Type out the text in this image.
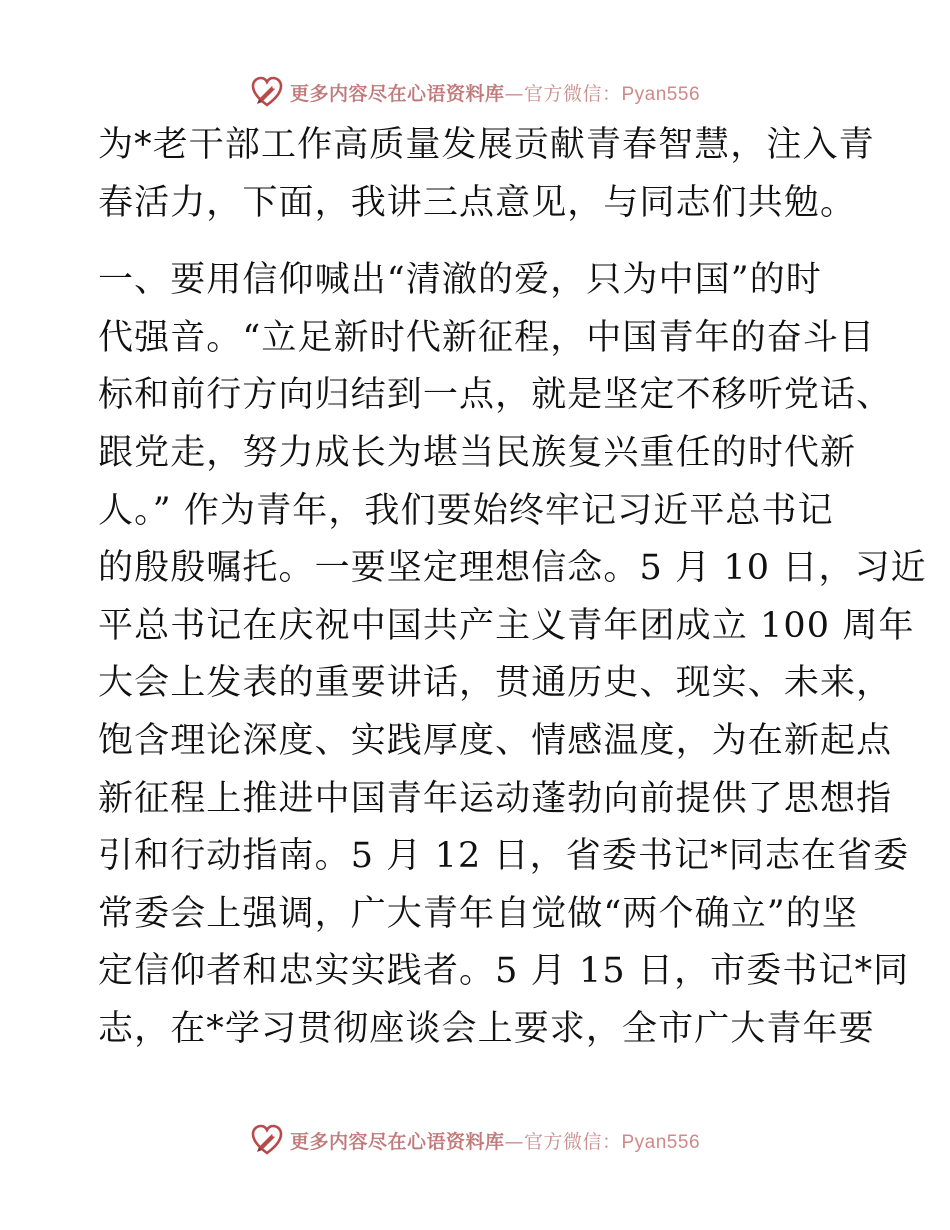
更多内容尽在心语资料库—官方微信：Pyan556
为*老干部工作高质量发展贡献青春智慧，注入青
春活力，下面，我讲三点意见，与同志们共勉。
一、要用信仰喊出“清澈的爱，只为中国”的时
代强音。“立足新时代新征程，中国青年的奋斗目
标和前行方向归结到一点，就是坚定不移听党话、
跟党走，努力成长为堪当民族复兴重任的时代新
人。” 作为青年，我们要始终牢记习近平总书记
的殷殷嘱托。一要坚定理想信念。5 月 10 日，习近
平总书记在庆祝中国共产主义青年团成立 100 周年
大会上发表的重要讲话，贯通历史、现实、未来，
饱含理论深度、实践厚度、情感温度，为在新起点
新征程上推进中国青年运动蓬勃向前提供了思想指
引和行动指南。5 月 12 日，省委书记*同志在省委
常委会上强调，广大青年自觉做“两个确立”的坚
定信仰者和忠实实践者。5 月 15 日，市委书记*同
志，在*学习贯彻座谈会上要求，全市广大青年要
更多内容尽在心语资料库—官方微信：Pyan556
